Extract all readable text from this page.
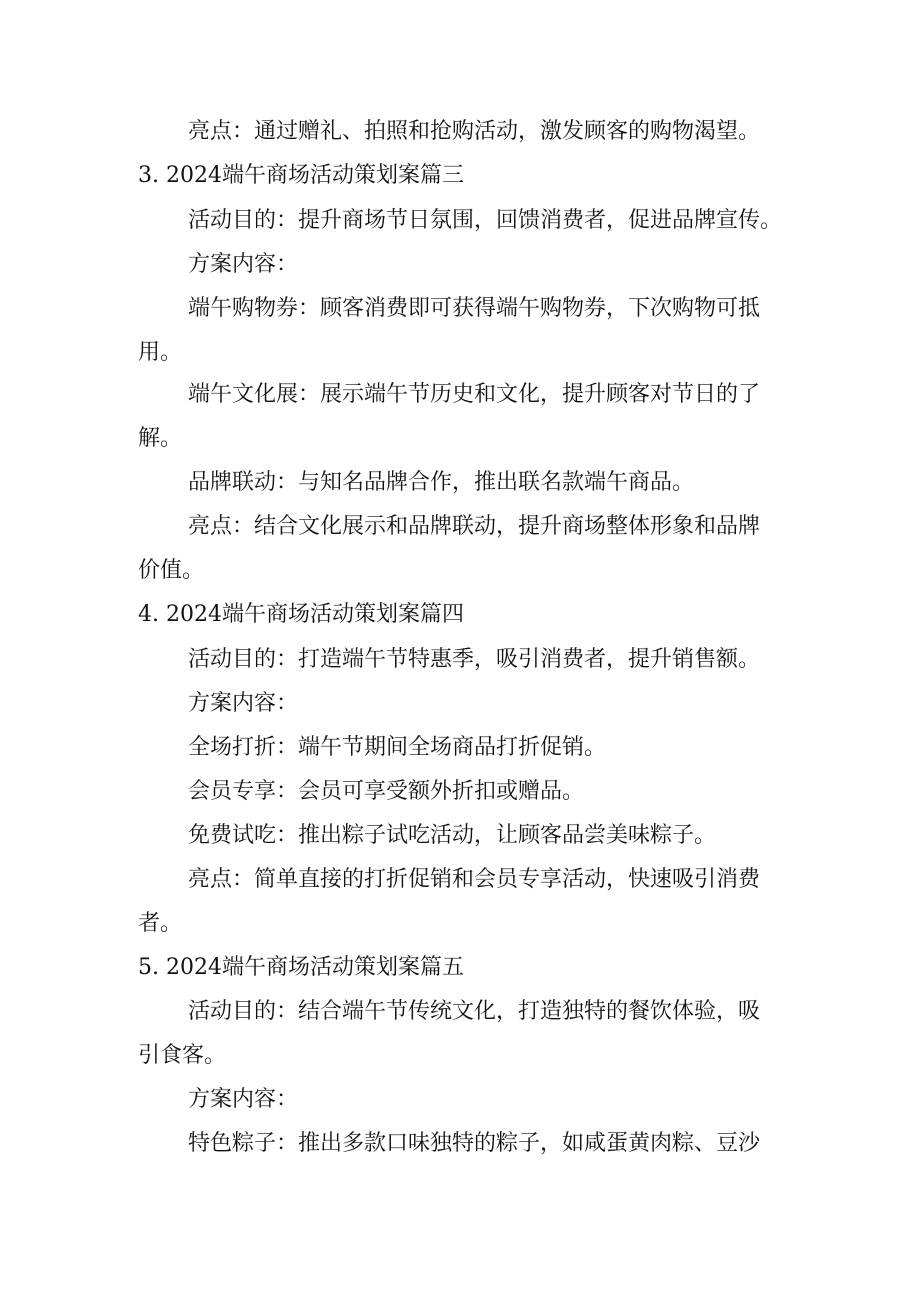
亮点：通过赠礼、拍照和抢购活动，激发顾客的购物渴望。
3. 2024端午商场活动策划案篇三
活动目的：提升商场节日氛围，回馈消费者，促进品牌宣传。
方案内容：
端午购物券：顾客消费即可获得端午购物券，下次购物可抵
用。
端午文化展：展示端午节历史和文化，提升顾客对节日的了
解。
品牌联动：与知名品牌合作，推出联名款端午商品。
亮点：结合文化展示和品牌联动，提升商场整体形象和品牌
价值。
4. 2024端午商场活动策划案篇四
活动目的：打造端午节特惠季，吸引消费者，提升销售额。
方案内容：
全场打折：端午节期间全场商品打折促销。
会员专享：会员可享受额外折扣或赠品。
免费试吃：推出粽子试吃活动，让顾客品尝美味粽子。
亮点：简单直接的打折促销和会员专享活动，快速吸引消费
者。
5. 2024端午商场活动策划案篇五
活动目的：结合端午节传统文化，打造独特的餐饮体验，吸
引食客。
方案内容：
特色粽子：推出多款口味独特的粽子，如咸蛋黄肉粽、豆沙
